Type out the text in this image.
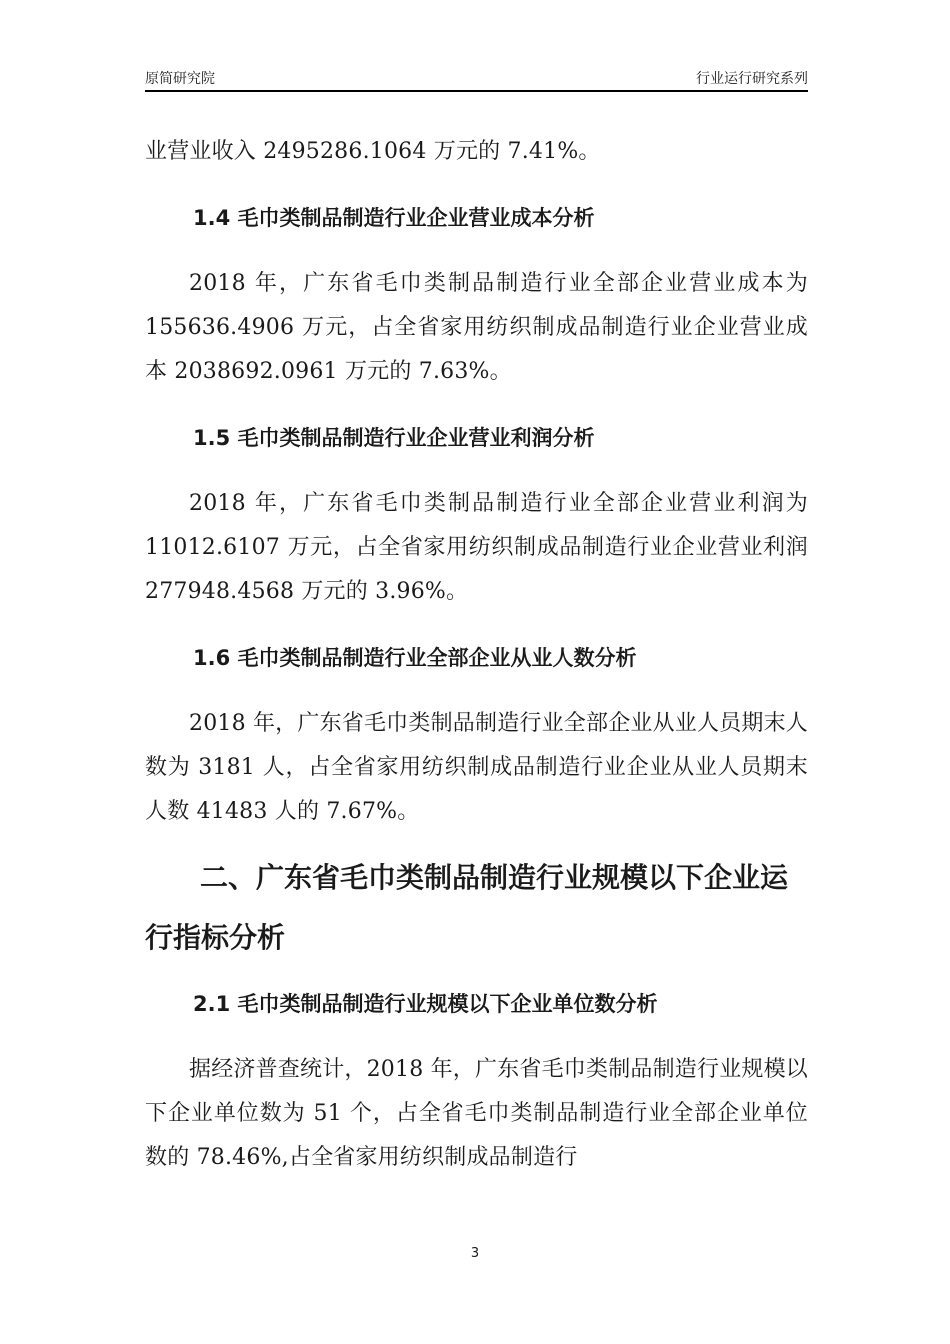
原简研究院	行业运行研究系列

业营业收入 2495286.1064 万元的 7.41%。

1.4 毛巾类制品制造行业企业营业成本分析

2018 年，广东省毛巾类制品制造行业全部企业营业成本为 155636.4906 万元，占全省家用纺织制成品制造行业企业营业成本 2038692.0961 万元的 7.63%。

1.5 毛巾类制品制造行业企业营业利润分析

2018 年，广东省毛巾类制品制造行业全部企业营业利润为 11012.6107 万元，占全省家用纺织制成品制造行业企业营业利润 277948.4568 万元的 3.96%。

1.6 毛巾类制品制造行业全部企业从业人数分析

2018 年，广东省毛巾类制品制造行业全部企业从业人员期末人数为 3181 人，占全省家用纺织制成品制造行业企业从业人员期末人数 41483 人的 7.67%。

二、广东省毛巾类制品制造行业规模以下企业运行指标分析
2.1 毛巾类制品制造行业规模以下企业单位数分析

据经济普查统计，2018 年，广东省毛巾类制品制造行业规模以下企业单位数为 51 个，占全省毛巾类制品制造行业全部企业单位数的 78.46%,占全省家用纺织制成品制造行

3
